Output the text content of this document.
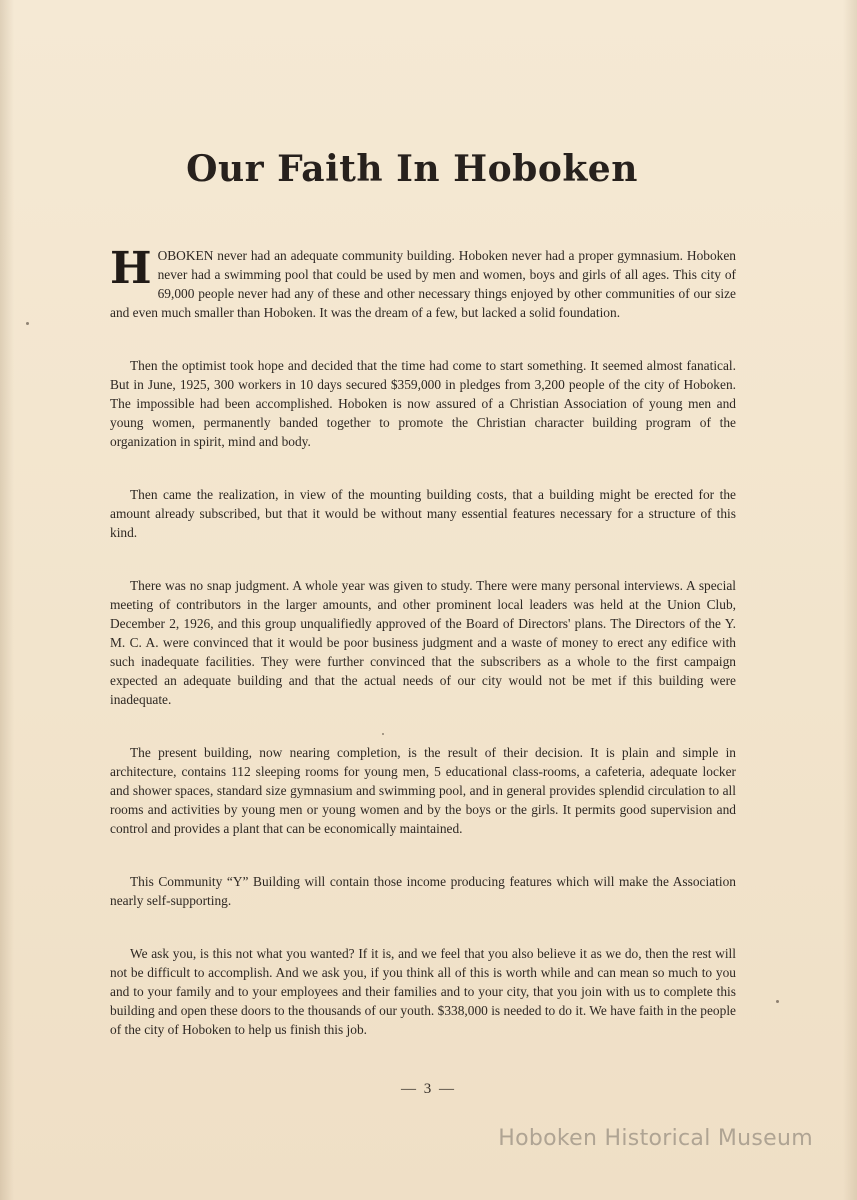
Our Faith In Hoboken

HOBOKEN never had an adequate community building. Hoboken never had a proper gymnasium. Hoboken never had a swimming pool that could be used by men and women, boys and girls of all ages. This city of 69,000 people never had any of these and other necessary things enjoyed by other communities of our size and even much smaller than Hoboken. It was the dream of a few, but lacked a solid foundation.

Then the optimist took hope and decided that the time had come to start something. It seemed almost fanatical. But in June, 1925, 300 workers in 10 days secured $359,000 in pledges from 3,200 people of the city of Hoboken. The impossible had been accomplished. Hoboken is now assured of a Christian Association of young men and young women, permanently banded together to promote the Christian character building program of the organization in spirit, mind and body.

Then came the realization, in view of the mounting building costs, that a building might be erected for the amount already subscribed, but that it would be without many essential features necessary for a structure of this kind.

There was no snap judgment. A whole year was given to study. There were many personal interviews. A special meeting of contributors in the larger amounts, and other prominent local leaders was held at the Union Club, December 2, 1926, and this group unqualifiedly approved of the Board of Directors' plans. The Directors of the Y. M. C. A. were convinced that it would be poor business judgment and a waste of money to erect any edifice with such inadequate facilities. They were further convinced that the subscribers as a whole to the first campaign expected an adequate building and that the actual needs of our city would not be met if this building were inadequate.

The present building, now nearing completion, is the result of their decision. It is plain and simple in architecture, contains 112 sleeping rooms for young men, 5 educational class-rooms, a cafeteria, adequate locker and shower spaces, standard size gymnasium and swimming pool, and in general provides splendid circulation to all rooms and activities by young men or young women and by the boys or the girls. It permits good supervision and control and provides a plant that can be economically maintained.

This Community “Y” Building will contain those income producing features which will make the Association nearly self-supporting.

We ask you, is this not what you wanted? If it is, and we feel that you also believe it as we do, then the rest will not be difficult to accomplish. And we ask you, if you think all of this is worth while and can mean so much to you and to your family and to your employees and their families and to your city, that you join with us to complete this building and open these doors to the thousands of our youth. $338,000 is needed to do it. We have faith in the people of the city of Hoboken to help us finish this job.

— 3 —
Hoboken Historical Museum
